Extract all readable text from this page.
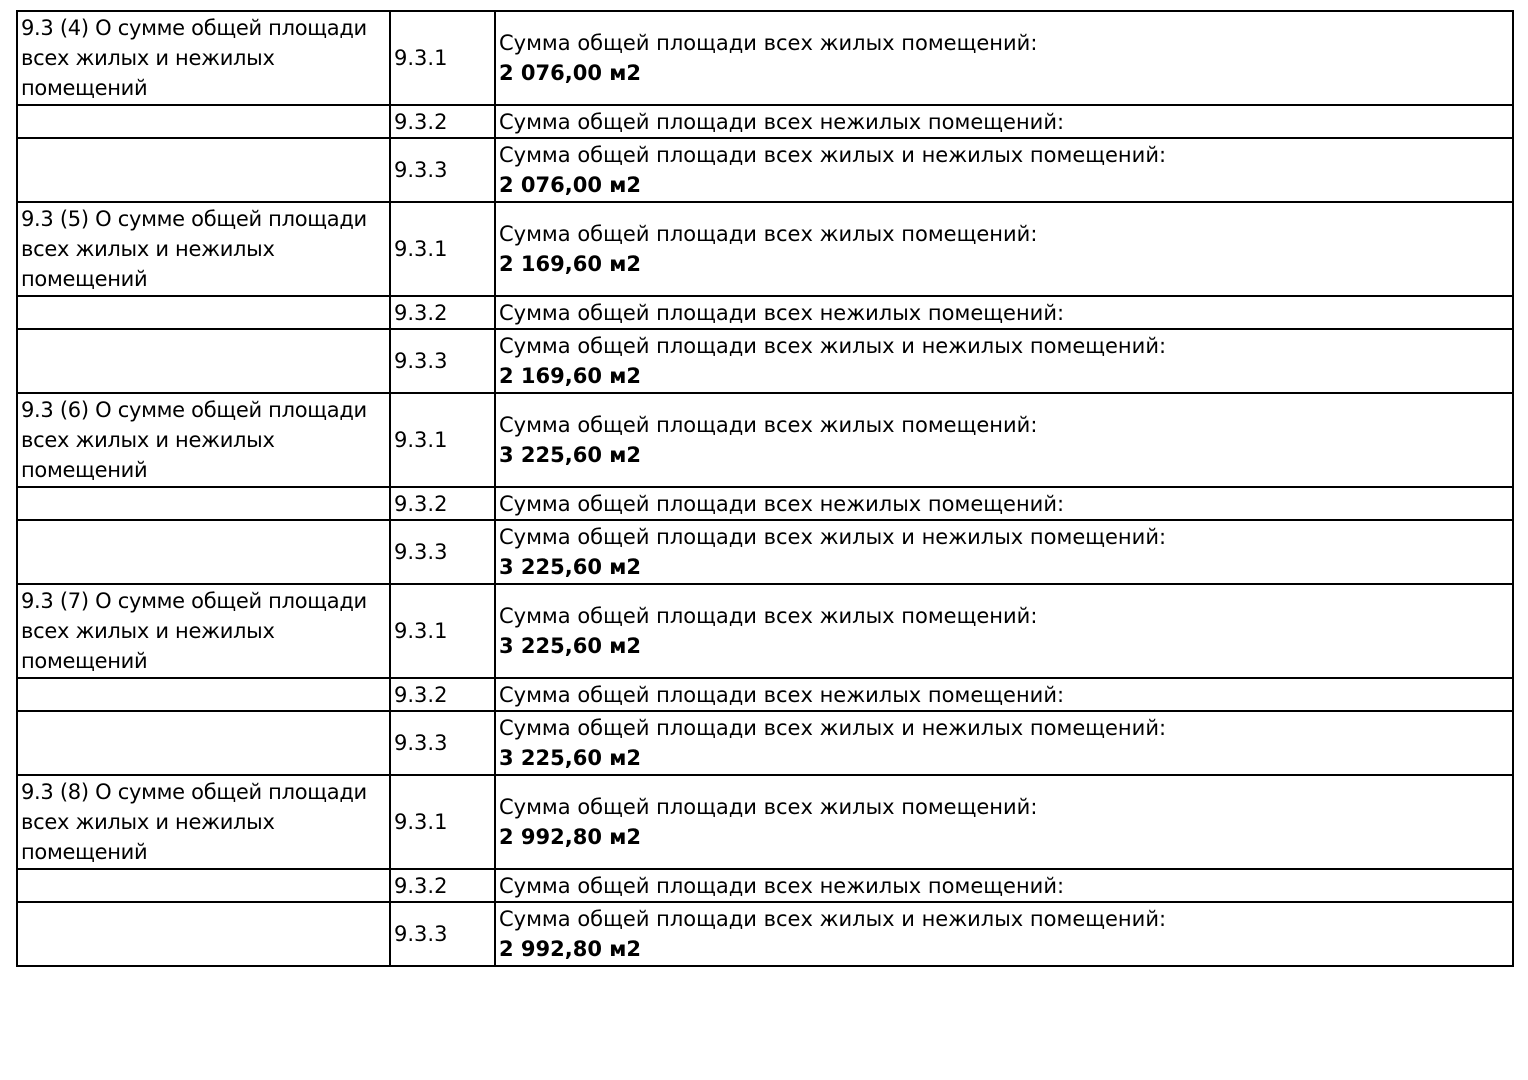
9.3 (4) О сумме общей площади всех жилых и нежилых помещений	9.3.1	Сумма общей площади всех жилых помещений:
2 076,00 м2

	9.3.2	Сумма общей площади всех нежилых помещений:

	9.3.3	Сумма общей площади всех жилых и нежилых помещений:
2 076,00 м2

9.3 (5) О сумме общей площади всех жилых и нежилых помещений	9.3.1	Сумма общей площади всех жилых помещений:
2 169,60 м2

	9.3.2	Сумма общей площади всех нежилых помещений:

	9.3.3	Сумма общей площади всех жилых и нежилых помещений:
2 169,60 м2

9.3 (6) О сумме общей площади всех жилых и нежилых помещений	9.3.1	Сумма общей площади всех жилых помещений:
3 225,60 м2

	9.3.2	Сумма общей площади всех нежилых помещений:

	9.3.3	Сумма общей площади всех жилых и нежилых помещений:
3 225,60 м2

9.3 (7) О сумме общей площади всех жилых и нежилых помещений	9.3.1	Сумма общей площади всех жилых помещений:
3 225,60 м2

	9.3.2	Сумма общей площади всех нежилых помещений:

	9.3.3	Сумма общей площади всех жилых и нежилых помещений:
3 225,60 м2

9.3 (8) О сумме общей площади всех жилых и нежилых помещений	9.3.1	Сумма общей площади всех жилых помещений:
2 992,80 м2

	9.3.2	Сумма общей площади всех нежилых помещений:

	9.3.3	Сумма общей площади всех жилых и нежилых помещений:
2 992,80 м2
